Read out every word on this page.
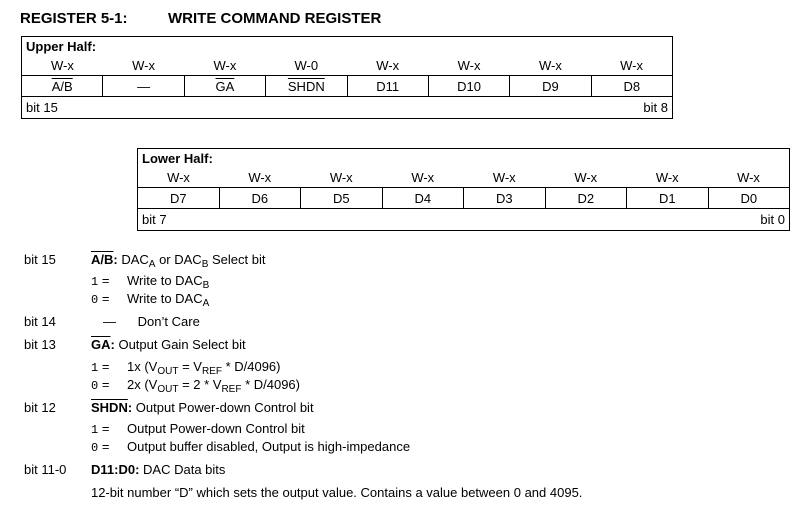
REGISTER 5-1:	WRITE COMMAND REGISTER
Upper Half:							
W-x	W-x	W-x	W-0	W-x	W-x	W-x	W-x
A/B	—	$\overline{GA}$	SHDN	D11	D10	D9	D8
bit 15 bit 8							
Lower Half:							
W-x	W-x	W-x	W-x	W-x	W-x	W-x	W-x
D7	D6	D5	D4	D3	D2	D1	D0
bit 7 bit 0							
bit 15	A/B: $DAC_A$ or $DAC_B$ Select bit
1 = Write to $DAC_B$
0 = Write to $DAC_A$
bit 14	—      Don’t Care
bit 13	$\overline{GA}$: Output Gain Select bit
1 = 1x $(V_{OUT} = V_{REF} * D/4096)$
0 = 2x $(V_{OUT} = 2 * V_{REF} * D/4096)$
bit 12	SHDN: Output Power-down Control bit
1 = Output Power-down Control bit
0 = Output buffer disabled, Output is high-impedance
bit 11-0 D11:D0: DAC Data bits
12-bit number “D” which sets the output value. Contains a value between 0 and 4095.
